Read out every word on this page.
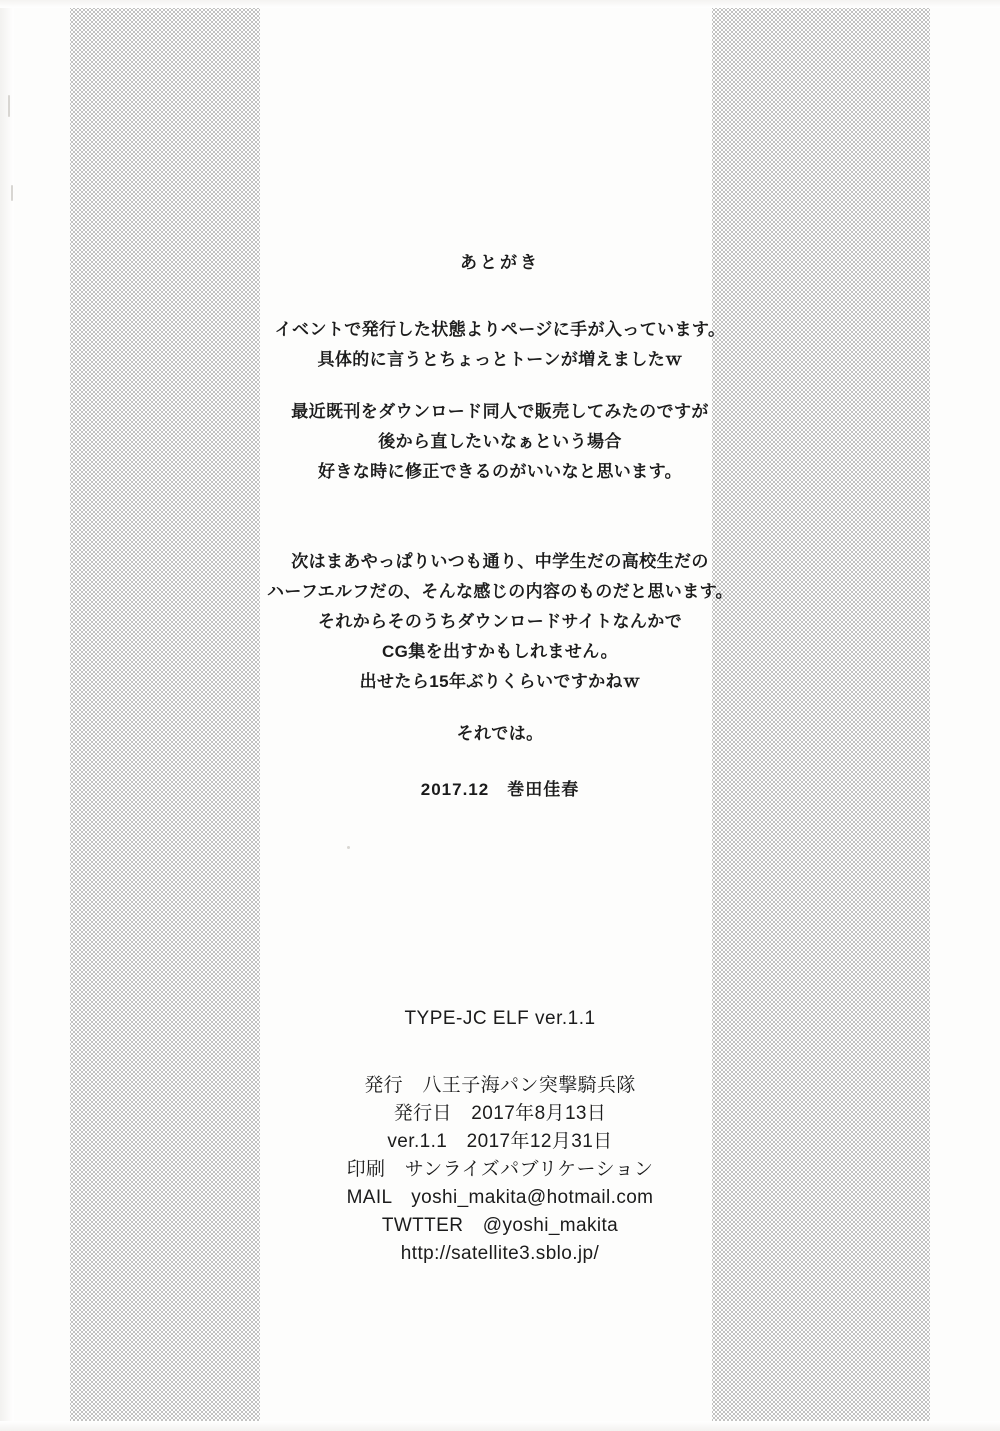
あとがき
イベントで発行した状態よりページに手が入っています。
具体的に言うとちょっとトーンが増えましたｗ
最近既刊をダウンロード同人で販売してみたのですが
後から直したいなぁという場合
好きな時に修正できるのがいいなと思います。
次はまあやっぱりいつも通り、中学生だの高校生だの
ハーフエルフだの、そんな感じの内容のものだと思います。
それからそのうちダウンロードサイトなんかで
CG集を出すかもしれません。
出せたら15年ぶりくらいですかねｗ
それでは。
2017.12　巻田佳春
TYPE-JC ELF ver.1.1
発行　八王子海パン突撃騎兵隊
発行日　2017年8月13日
ver.1.1　2017年12月31日
印刷　サンライズパブリケーション
MAIL　yoshi_makita@hotmail.com
TWTTER　@yoshi_makita
http://satellite3.sblo.jp/
